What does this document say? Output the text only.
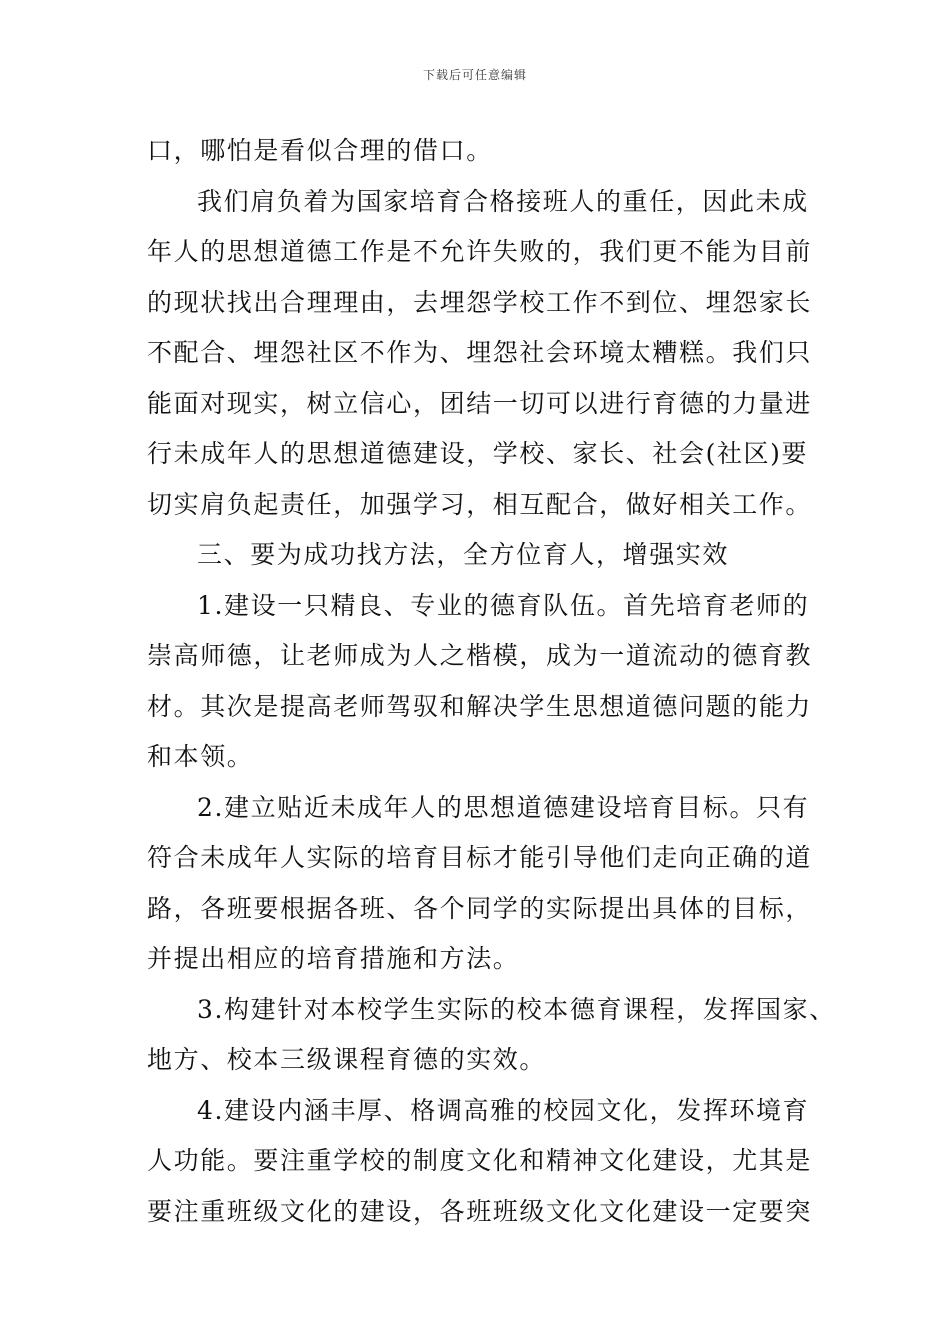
下载后可任意编辑
口，哪怕是看似合理的借口。
我们肩负着为国家培育合格接班人的重任，因此未成
年人的思想道德工作是不允许失败的，我们更不能为目前
的现状找出合理理由，去埋怨学校工作不到位、埋怨家长
不配合、埋怨社区不作为、埋怨社会环境太糟糕。我们只
能面对现实，树立信心，团结一切可以进行育德的力量进
行未成年人的思想道德建设，学校、家长、社会(社区)要
切实肩负起责任，加强学习，相互配合，做好相关工作。
三、要为成功找方法，全方位育人，增强实效
1.建设一只精良、专业的德育队伍。首先培育老师的
崇高师德，让老师成为人之楷模，成为一道流动的德育教
材。其次是提高老师驾驭和解决学生思想道德问题的能力
和本领。
2.建立贴近未成年人的思想道德建设培育目标。只有
符合未成年人实际的培育目标才能引导他们走向正确的道
路，各班要根据各班、各个同学的实际提出具体的目标，
并提出相应的培育措施和方法。
3.构建针对本校学生实际的校本德育课程，发挥国家、
地方、校本三级课程育德的实效。
4.建设内涵丰厚、格调高雅的校园文化，发挥环境育
人功能。要注重学校的制度文化和精神文化建设，尤其是
要注重班级文化的建设，各班班级文化文化建设一定要突
